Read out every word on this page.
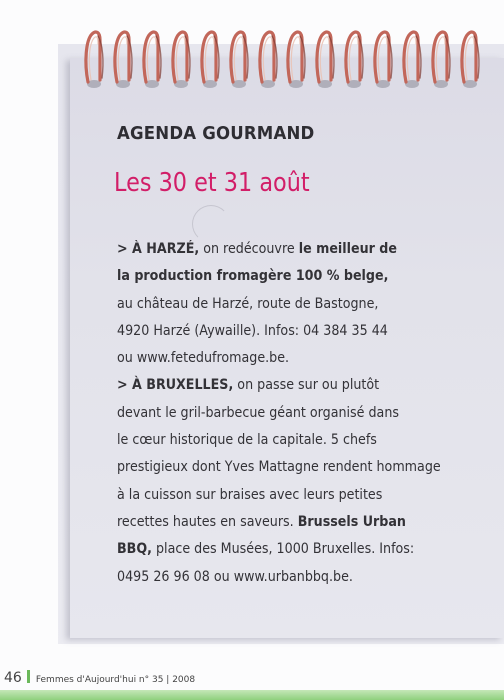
AGENDA GOURMAND
Les 30 et 31 août
> À HARZÉ, on redécouvre le meilleur de
la production fromagère 100 % belge,
au château de Harzé, route de Bastogne,
4920 Harzé (Aywaille). Infos: 04 384 35 44
ou www.fetedufromage.be.
> À BRUXELLES, on passe sur ou plutôt
devant le gril-barbecue géant organisé dans
le cœur historique de la capitale. 5 chefs
prestigieux dont Yves Mattagne rendent hommage
à la cuisson sur braises avec leurs petites
recettes hautes en saveurs. Brussels Urban
BBQ, place des Musées, 1000 Bruxelles. Infos:
0495 26 96 08 ou www.urbanbbq.be.
46 Femmes d'Aujourd'hui n° 35 | 2008
